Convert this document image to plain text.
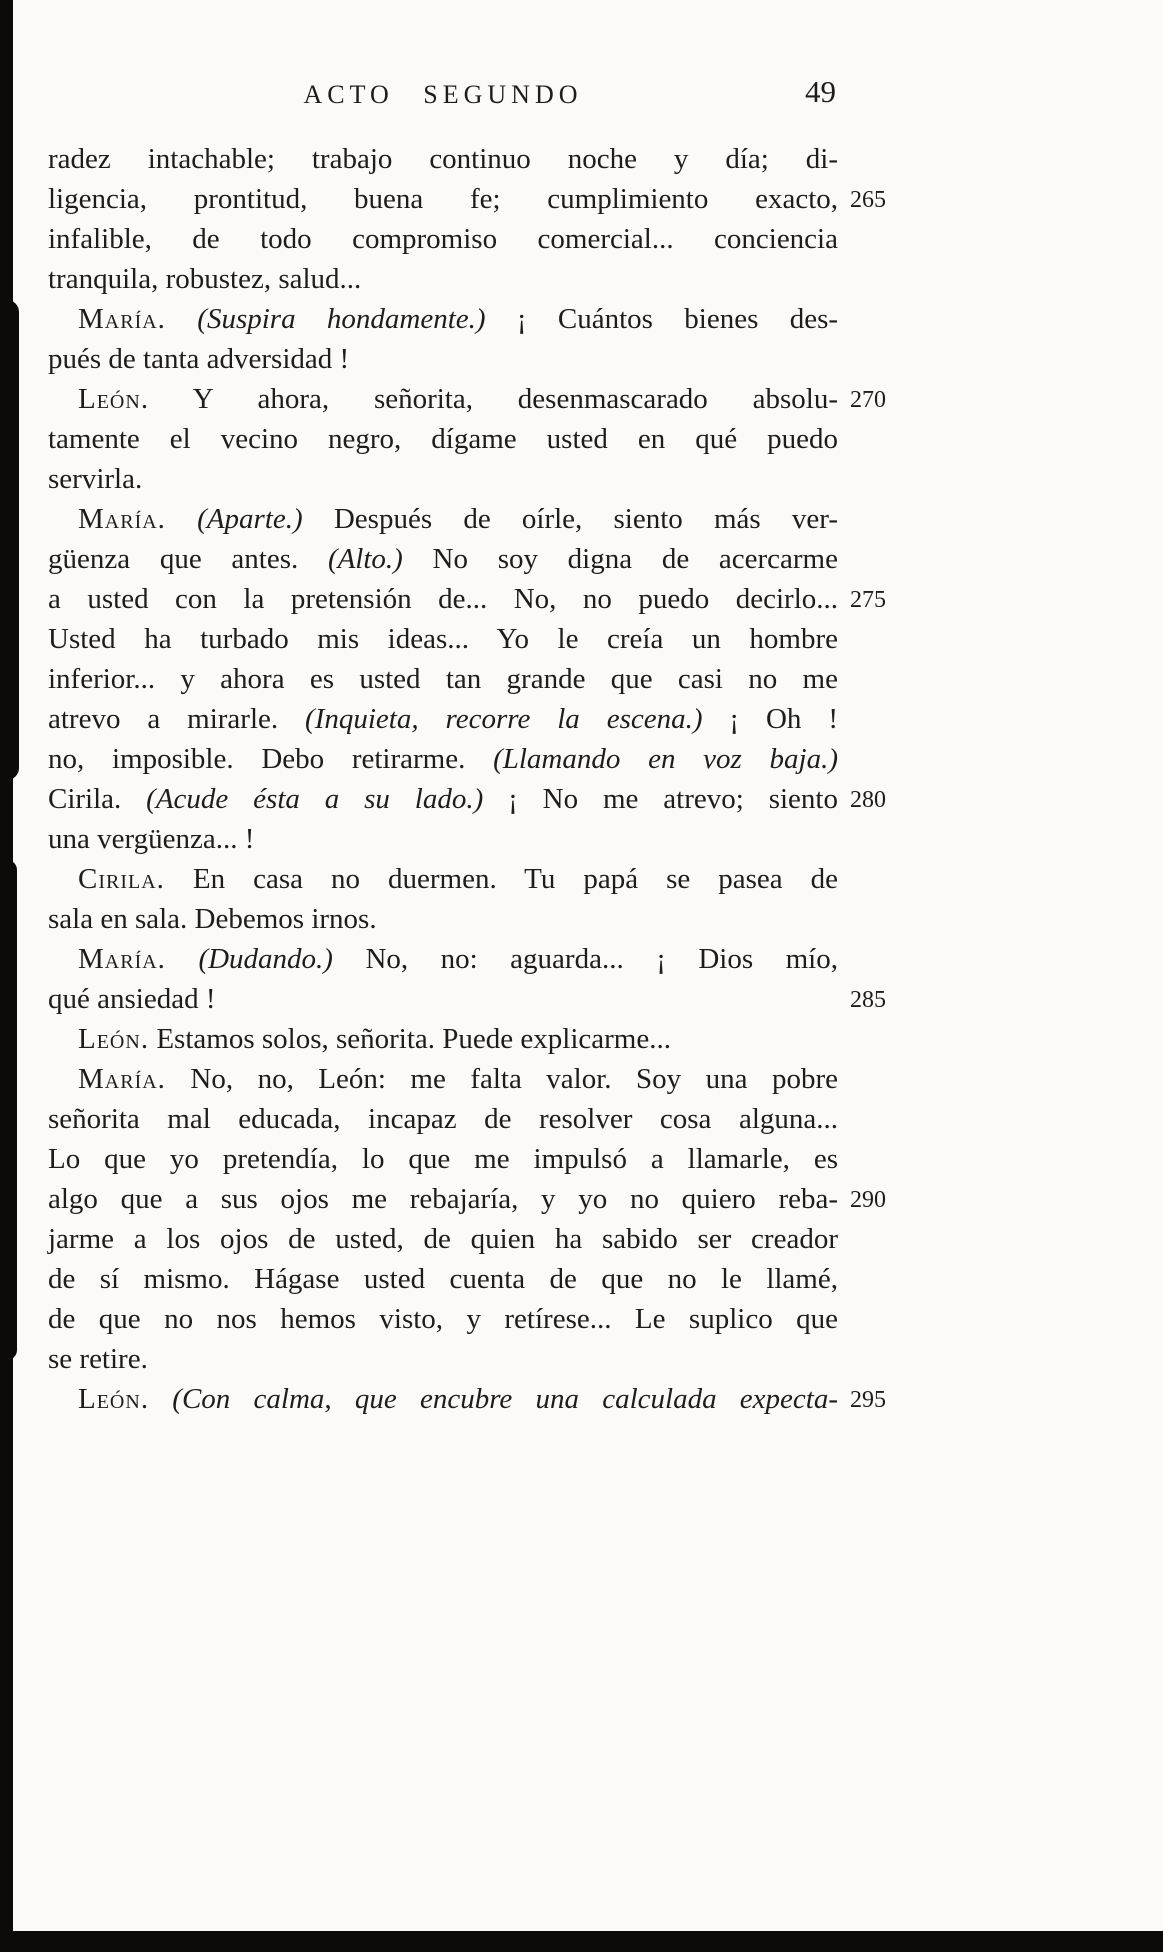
ACTO SEGUNDO	49
radez intachable; trabajo continuo noche y día; di-
ligencia, prontitud, buena fe; cumplimiento exacto, 265
infalible, de todo compromiso comercial... conciencia
tranquila, robustez, salud...
María. (Suspira hondamente.) ¡ Cuántos bienes des-
pués de tanta adversidad !
León. Y ahora, señorita, desenmascarado absolu- 270
tamente el vecino negro, dígame usted en qué puedo
servirla.
María. (Aparte.) Después de oírle, siento más ver-
güenza que antes. (Alto.) No soy digna de acercarme
a usted con la pretensión de... No, no puedo decirlo... 275
Usted ha turbado mis ideas... Yo le creía un hombre
inferior... y ahora es usted tan grande que casi no me
atrevo a mirarle. (Inquieta, recorre la escena.) ¡ Oh !
no, imposible. Debo retirarme. (Llamando en voz baja.)
Cirila. (Acude ésta a su lado.) ¡ No me atrevo; siento 280
una vergüenza... !
Cirila. En casa no duermen. Tu papá se pasea de
sala en sala. Debemos irnos.
María. (Dudando.) No, no: aguarda... ¡ Dios mío,
qué ansiedad !	285
León. Estamos solos, señorita. Puede explicarme...
María. No, no, León: me falta valor. Soy una pobre
señorita mal educada, incapaz de resolver cosa alguna...
Lo que yo pretendía, lo que me impulsó a llamarle, es
algo que a sus ojos me rebajaría, y yo no quiero reba- 290
jarme a los ojos de usted, de quien ha sabido ser creador
de sí mismo. Hágase usted cuenta de que no le llamé,
de que no nos hemos visto, y retírese... Le suplico que
se retire.
León. (Con calma, que encubre una calculada expecta- 295
